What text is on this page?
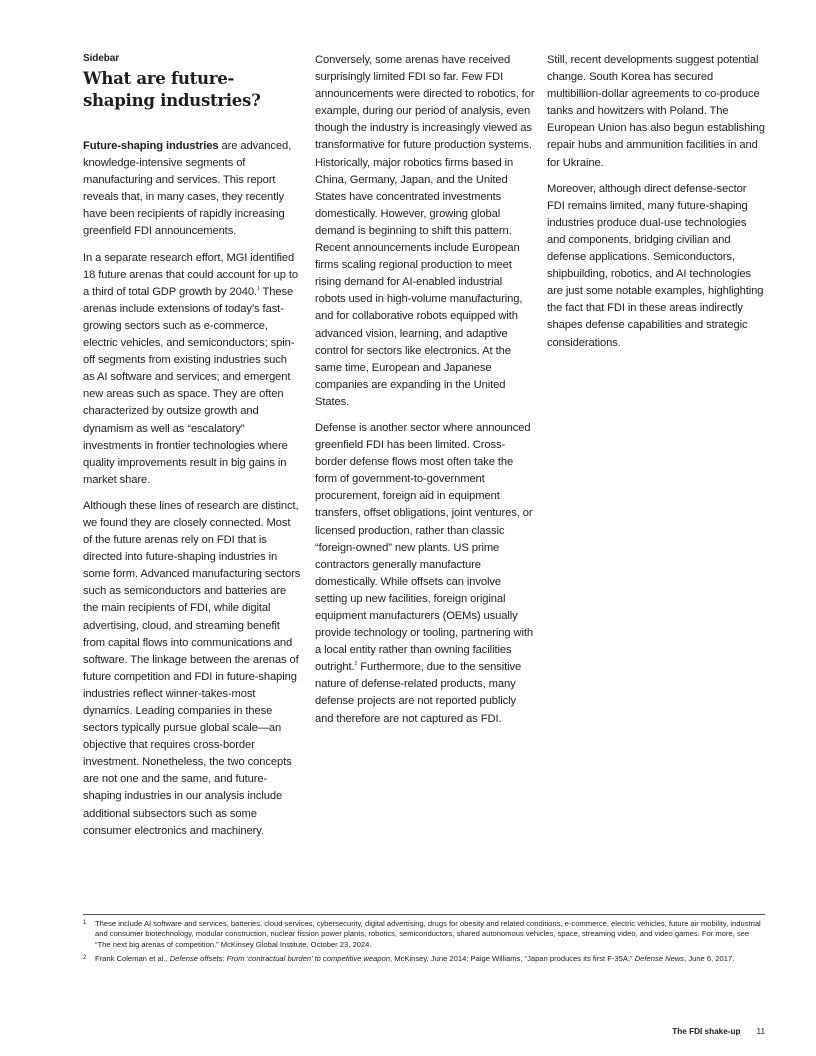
Sidebar
What are future-shaping industries?

Future-shaping industries are advanced, knowledge-intensive segments of manufacturing and services. This report reveals that, in many cases, they recently have been recipients of rapidly increasing greenfield FDI announcements.

In a separate research effort, MGI identified 18 future arenas that could account for up to a third of total GDP growth by 2040.$^1$ These arenas include extensions of today’s fast-growing sectors such as e-commerce, electric vehicles, and semiconductors; spin-off segments from existing industries such as AI software and services; and emergent new areas such as space. They are often characterized by outsize growth and dynamism as well as “escalatory” investments in frontier technologies where quality improvements result in big gains in market share.

Although these lines of research are distinct, we found they are closely connected. Most of the future arenas rely on FDI that is directed into future-shaping industries in some form. Advanced manufacturing sectors such as semiconductors and batteries are the main recipients of FDI, while digital advertising, cloud, and streaming benefit from capital flows into communications and software. The linkage between the arenas of future competition and FDI in future-shaping industries reflect winner-takes-most dynamics. Leading companies in these sectors typically pursue global scale—an objective that requires cross-border investment. Nonetheless, the two concepts are not one and the same, and future-shaping industries in our analysis include additional subsectors such as some consumer electronics and machinery.

Conversely, some arenas have received surprisingly limited FDI so far. Few FDI announcements were directed to robotics, for example, during our period of analysis, even though the industry is increasingly viewed as transformative for future production systems. Historically, major robotics firms based in China, Germany, Japan, and the United States have concentrated investments domestically. However, growing global demand is beginning to shift this pattern. Recent announcements include European firms scaling regional production to meet rising demand for AI-enabled industrial robots used in high-volume manufacturing, and for collaborative robots equipped with advanced vision, learning, and adaptive control for sectors like electronics. At the same time, European and Japanese companies are expanding in the United States.

Defense is another sector where announced greenfield FDI has been limited. Cross-border defense flows most often take the form of government-to-government procurement, foreign aid in equipment transfers, offset obligations, joint ventures, or licensed production, rather than classic “foreign-owned” new plants. US prime contractors generally manufacture domestically. While offsets can involve setting up new facilities, foreign original equipment manufacturers (OEMs) usually provide technology or tooling, partnering with a local entity rather than owning facilities outright.$^2$ Furthermore, due to the sensitive nature of defense-related products, many defense projects are not reported publicly and therefore are not captured as FDI.

Still, recent developments suggest potential change. South Korea has secured multibillion-dollar agreements to co-produce tanks and howitzers with Poland. The European Union has also begun establishing repair hubs and ammunition facilities in and for Ukraine.

Moreover, although direct defense-sector FDI remains limited, many future-shaping industries produce dual-use technologies and components, bridging civilian and defense applications. Semiconductors, shipbuilding, robotics, and AI technologies are just some notable examples, highlighting the fact that FDI in these areas indirectly shapes defense capabilities and strategic considerations.

1 These include AI software and services, batteries, cloud services, cybersecurity, digital advertising, drugs for obesity and related conditions, e-commerce, electric vehicles, future air mobility, industrial and consumer biotechnology, modular construction, nuclear fission power plants, robotics, semiconductors, shared autonomous vehicles, space, streaming video, and video games. For more, see “The next big arenas of competition,” McKinsey Global Institute, October 23, 2024.
2 Frank Coleman et al., Defense offsets: From ‘contractual burden’ to competitive weapon, McKinsey, June 2014; Paige Williams, “Japan produces its first F-35A,” Defense News, June 6, 2017.
The FDI shake-up 11
